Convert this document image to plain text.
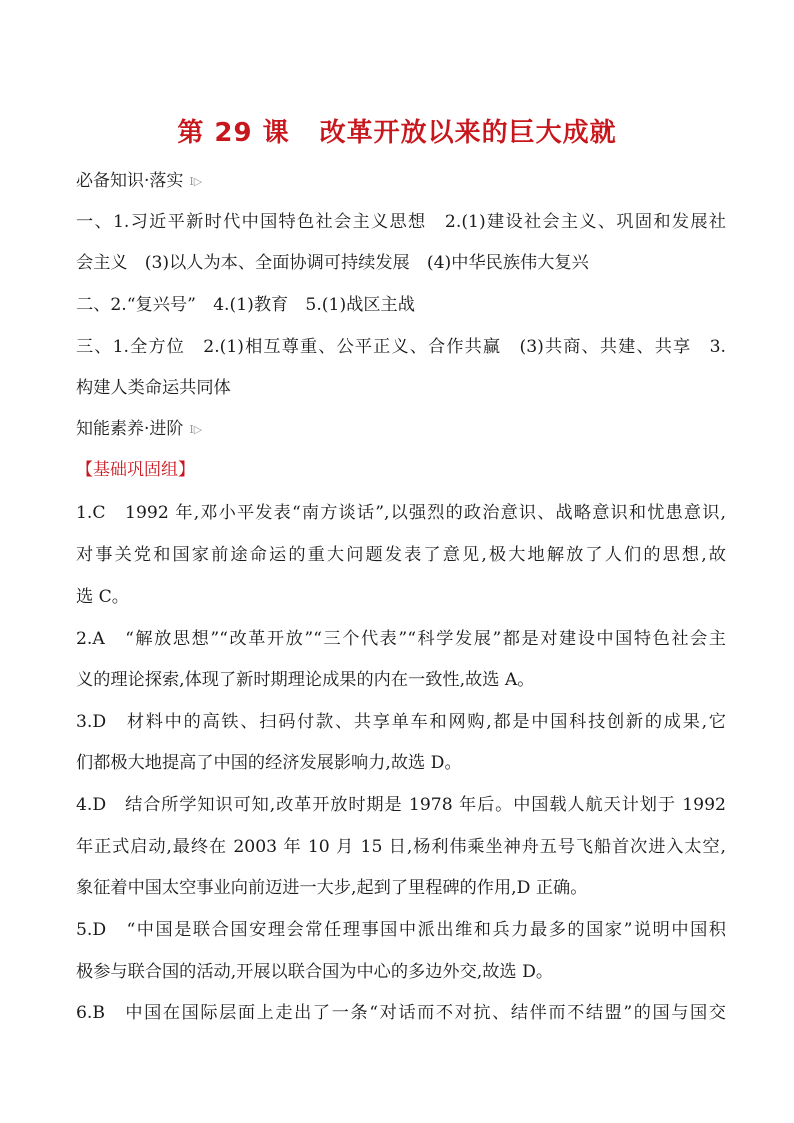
第 29 课 改革开放以来的巨大成就
必备知识·落实 I▷
一、1.习近平新时代中国特色社会主义思想　2.(1)建设社会主义、巩固和发展社
会主义　(3)以人为本、全面协调可持续发展　(4)中华民族伟大复兴
二、2.“复兴号”　4.(1)教育　5.(1)战区主战
三、1.全方位　2.(1)相互尊重、公平正义、合作共赢　(3)共商、共建、共享　3.
构建人类命运共同体
知能素养·进阶 I▷
【基础巩固组】
1.C　1992 年,邓小平发表“南方谈话”,以强烈的政治意识、战略意识和忧患意识,
对事关党和国家前途命运的重大问题发表了意见,极大地解放了人们的思想,故
选 C。
2.A　“解放思想”“改革开放”“三个代表”“科学发展”都是对建设中国特色社会主
义的理论探索,体现了新时期理论成果的内在一致性,故选 A。
3.D　材料中的高铁、扫码付款、共享单车和网购,都是中国科技创新的成果,它
们都极大地提高了中国的经济发展影响力,故选 D。
4.D　结合所学知识可知,改革开放时期是 1978 年后。中国载人航天计划于 1992
年正式启动,最终在 2003 年 10 月 15 日,杨利伟乘坐神舟五号飞船首次进入太空,
象征着中国太空事业向前迈进一大步,起到了里程碑的作用,D 正确。
5.D　“中国是联合国安理会常任理事国中派出维和兵力最多的国家”说明中国积
极参与联合国的活动,开展以联合国为中心的多边外交,故选 D。
6.B　中国在国际层面上走出了一条“对话而不对抗、结伴而不结盟”的国与国交
